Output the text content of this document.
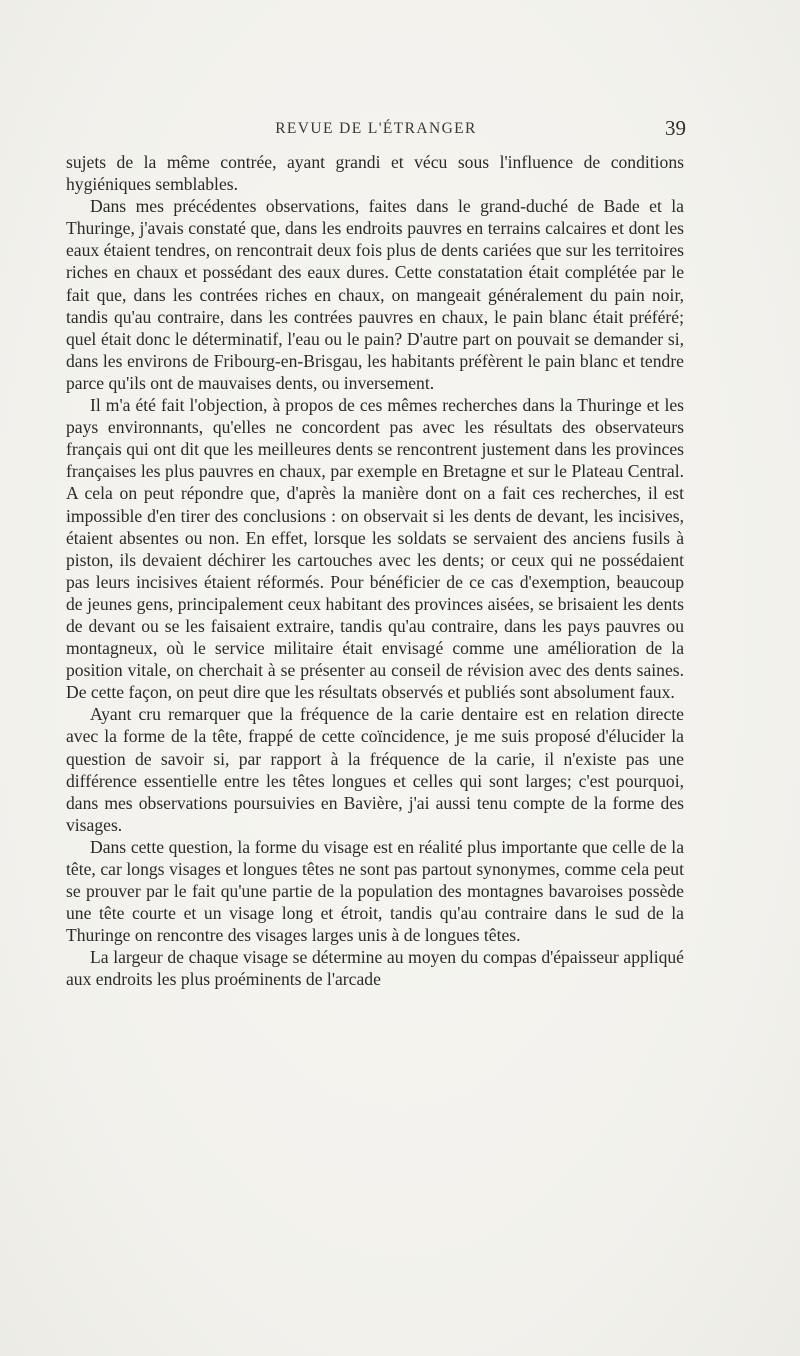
REVUE DE L'ÉTRANGER	39

sujets de la même contrée, ayant grandi et vécu sous l'influence de conditions hygiéniques semblables.

Dans mes précédentes observations, faites dans le grand-duché de Bade et la Thuringe, j'avais constaté que, dans les endroits pauvres en terrains calcaires et dont les eaux étaient tendres, on rencontrait deux fois plus de dents cariées que sur les territoires riches en chaux et possédant des eaux dures. Cette constatation était complétée par le fait que, dans les contrées riches en chaux, on mangeait généralement du pain noir, tandis qu'au contraire, dans les contrées pauvres en chaux, le pain blanc était préféré; quel était donc le déterminatif, l'eau ou le pain? D'autre part on pouvait se demander si, dans les environs de Fribourg-en-Brisgau, les habitants préfèrent le pain blanc et tendre parce qu'ils ont de mauvaises dents, ou inversement.

Il m'a été fait l'objection, à propos de ces mêmes recherches dans la Thuringe et les pays environnants, qu'elles ne concordent pas avec les résultats des observateurs français qui ont dit que les meilleures dents se rencontrent justement dans les provinces françaises les plus pauvres en chaux, par exemple en Bretagne et sur le Plateau Central. A cela on peut répondre que, d'après la manière dont on a fait ces recherches, il est impossible d'en tirer des conclusions : on observait si les dents de devant, les incisives, étaient absentes ou non. En effet, lorsque les soldats se servaient des anciens fusils à piston, ils devaient déchirer les cartouches avec les dents; or ceux qui ne possédaient pas leurs incisives étaient réformés. Pour bénéficier de ce cas d'exemption, beaucoup de jeunes gens, principalement ceux habitant des provinces aisées, se brisaient les dents de devant ou se les faisaient extraire, tandis qu'au contraire, dans les pays pauvres ou montagneux, où le service militaire était envisagé comme une amélioration de la position vitale, on cherchait à se présenter au conseil de révision avec des dents saines. De cette façon, on peut dire que les résultats observés et publiés sont absolument faux.

Ayant cru remarquer que la fréquence de la carie dentaire est en relation directe avec la forme de la tête, frappé de cette coïncidence, je me suis proposé d'élucider la question de savoir si, par rapport à la fréquence de la carie, il n'existe pas une différence essentielle entre les têtes longues et celles qui sont larges; c'est pourquoi, dans mes observations poursuivies en Bavière, j'ai aussi tenu compte de la forme des visages.

Dans cette question, la forme du visage est en réalité plus importante que celle de la tête, car longs visages et longues têtes ne sont pas partout synonymes, comme cela peut se prouver par le fait qu'une partie de la population des montagnes bavaroises possède une tête courte et un visage long et étroit, tandis qu'au contraire dans le sud de la Thuringe on rencontre des visages larges unis à de longues têtes.

La largeur de chaque visage se détermine au moyen du compas d'épaisseur appliqué aux endroits les plus proéminents de l'arcade
